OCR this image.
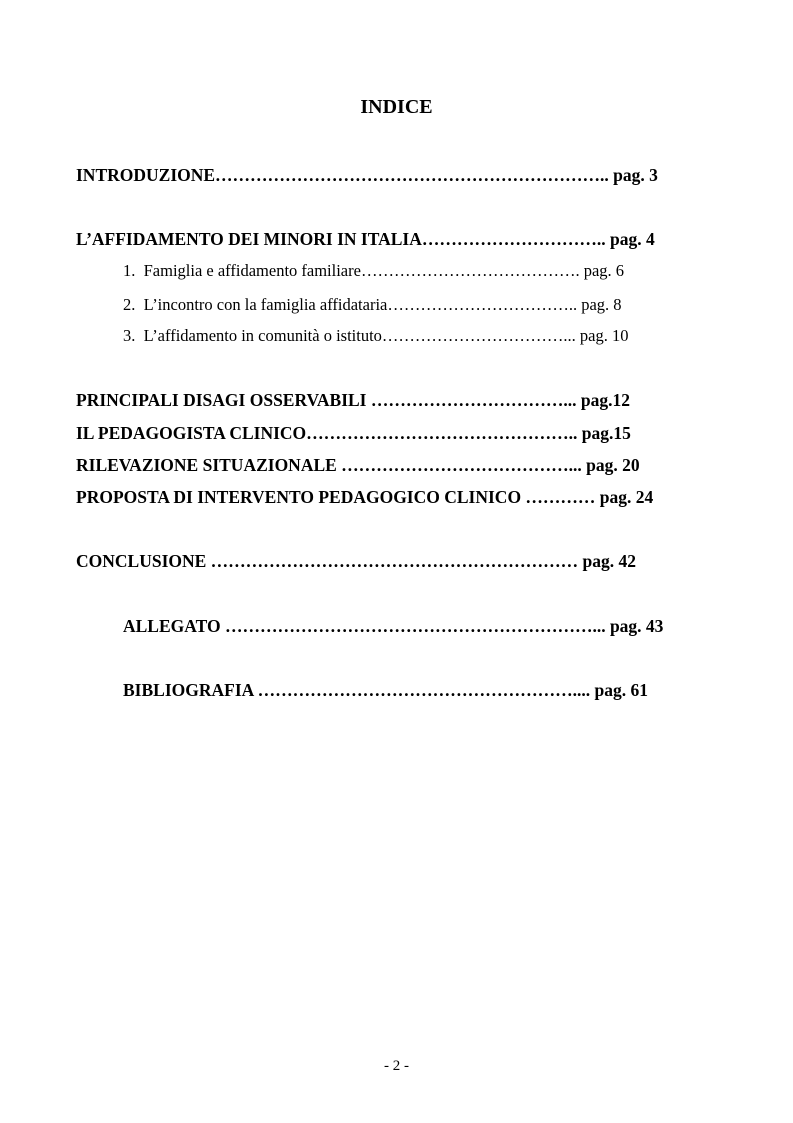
INDICE
INTRODUZIONE………………………………………………………….. pag. 3
L’AFFIDAMENTO DEI MINORI IN ITALIA………………………….. pag. 4
1.  Famiglia e affidamento familiare…………………………………. pag. 6
2.  L’incontro con la famiglia affidataria…………………………….. pag. 8
3.  L’affidamento in comunità o istituto……………………………... pag. 10
PRINCIPALI DISAGI OSSERVABILI ……………………………... pag.12
IL PEDAGOGISTA CLINICO……………………………………….. pag.15
RILEVAZIONE SITUAZIONALE …………………………………... pag. 20
PROPOSTA DI INTERVENTO PEDAGOGICO CLINICO ………… pag. 24
CONCLUSIONE ……………………………………………………… pag. 42
ALLEGATO ………………………………………………………... pag. 43
BIBLIOGRAFIA ……………………………………………….... pag. 61
- 2 -
